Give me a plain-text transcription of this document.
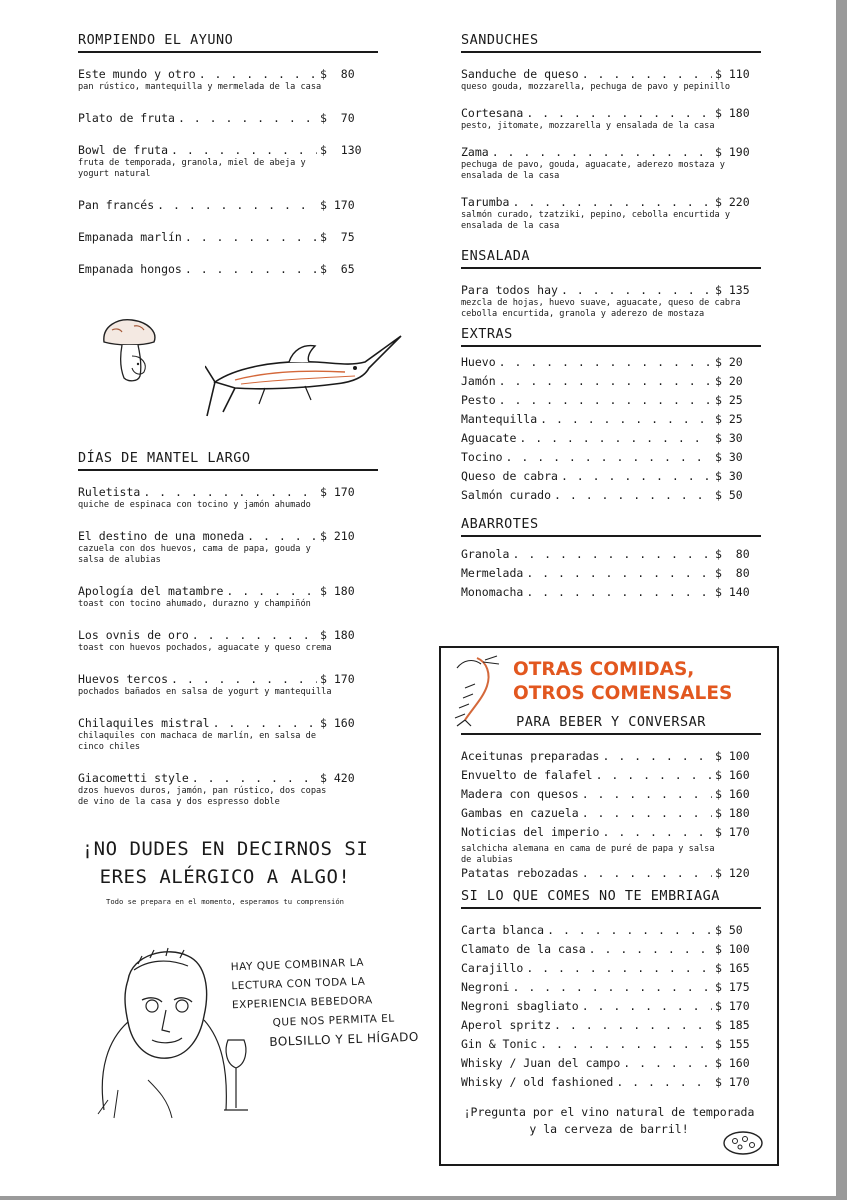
ROMPIENDO EL AYUNO
Este mundo y otro . . .	$  80
pan rústico, mantequilla y mermelada de la casa
Plato de fruta . . .	$  70
Bowl de fruta . . .	$  130
fruta de temporada, granola, miel de abeja y yogurt natural
Pan francés . . .	$ 170
Empanada marlín . . .	$  75
Empanada hongos . . .	$  65
DÍAS DE MANTEL LARGO
Ruletista . . .	$ 170
quiche de espinaca con tocino y jamón ahumado
El destino de una moneda . . .	$ 210
cazuela con dos huevos, cama de papa, gouda y salsa de alubias
Apología del matambre . . .	$ 180
toast con tocino ahumado, durazno y champiñón
Los ovnis de oro . . .	$ 180
toast con huevos pochados, aguacate y queso crema
Huevos tercos . . .	$ 170
pochados bañados en salsa de yogurt y mantequilla
Chilaquiles mistral . . .	$ 160
chilaquiles con machaca de marlín, en salsa de cinco chiles
Giacometti style . . .	$ 420
dzos huevos duros, jamón, pan rústico, dos copas de vino de la casa y dos espresso doble
¡NO DUDES EN DECIRNOS SI
ERES ALÉRGICO A ALGO!
Todo se prepara en el momento, esperamos tu comprensión
HAY QUE COMBINAR LA
LECTURA CON TODA LA
EXPERIENCIA BEBEDORA
QUE NOS PERMITA EL
BOLSILLO Y EL HÍGADO
SANDUCHES
Sanduche de queso . . .	$ 110
queso gouda, mozzarella, pechuga de pavo y pepinillo
Cortesana . . .	$ 180
pesto, jitomate, mozzarella y ensalada de la casa
Zama . . .	$ 190
pechuga de pavo, gouda, aguacate, aderezo mostaza y ensalada de la casa
Tarumba . . .	$ 220
salmón curado, tzatziki, pepino, cebolla encurtida y ensalada de la casa
ENSALADA
Para todos hay . . .	$ 135
mezcla de hojas, huevo suave, aguacate, queso de cabra cebolla encurtida, granola y aderezo de mostaza
EXTRAS
Huevo . . .	$ 20
Jamón . . .	$ 20
Pesto . . .	$ 25
Mantequilla . . .	$ 25
Aguacate . . .	$ 30
Tocino . . .	$ 30
Queso de cabra . . .	$ 30
Salmón curado . . .	$ 50
ABARROTES
Granola . . .	$  80
Mermelada . . .	$  80
Monomacha . . .	$ 140
OTRAS COMIDAS,
OTROS COMENSALES
PARA BEBER Y CONVERSAR
Aceitunas preparadas . . .	$ 100
Envuelto de falafel . . .	$ 160
Madera con quesos . . .	$ 160
Gambas en cazuela . . .	$ 180
Noticias del imperio . . .	$ 170
salchicha alemana en cama de puré de papa y salsa de alubias
Patatas rebozadas . . .	$ 120
SI LO QUE COMES NO TE EMBRIAGA
Carta blanca . . .	$ 50
Clamato de la casa . . .	$ 100
Carajillo . . .	$ 165
Negroni . . .	$ 175
Negroni sbagliato . . .	$ 170
Aperol spritz . . .	$ 185
Gin & Tonic . . .	$ 155
Whisky / Juan del campo . . .	$ 160
Whisky / old fashioned . . .	$ 170
¡Pregunta por el vino natural de temporada
y la cerveza de barril!
